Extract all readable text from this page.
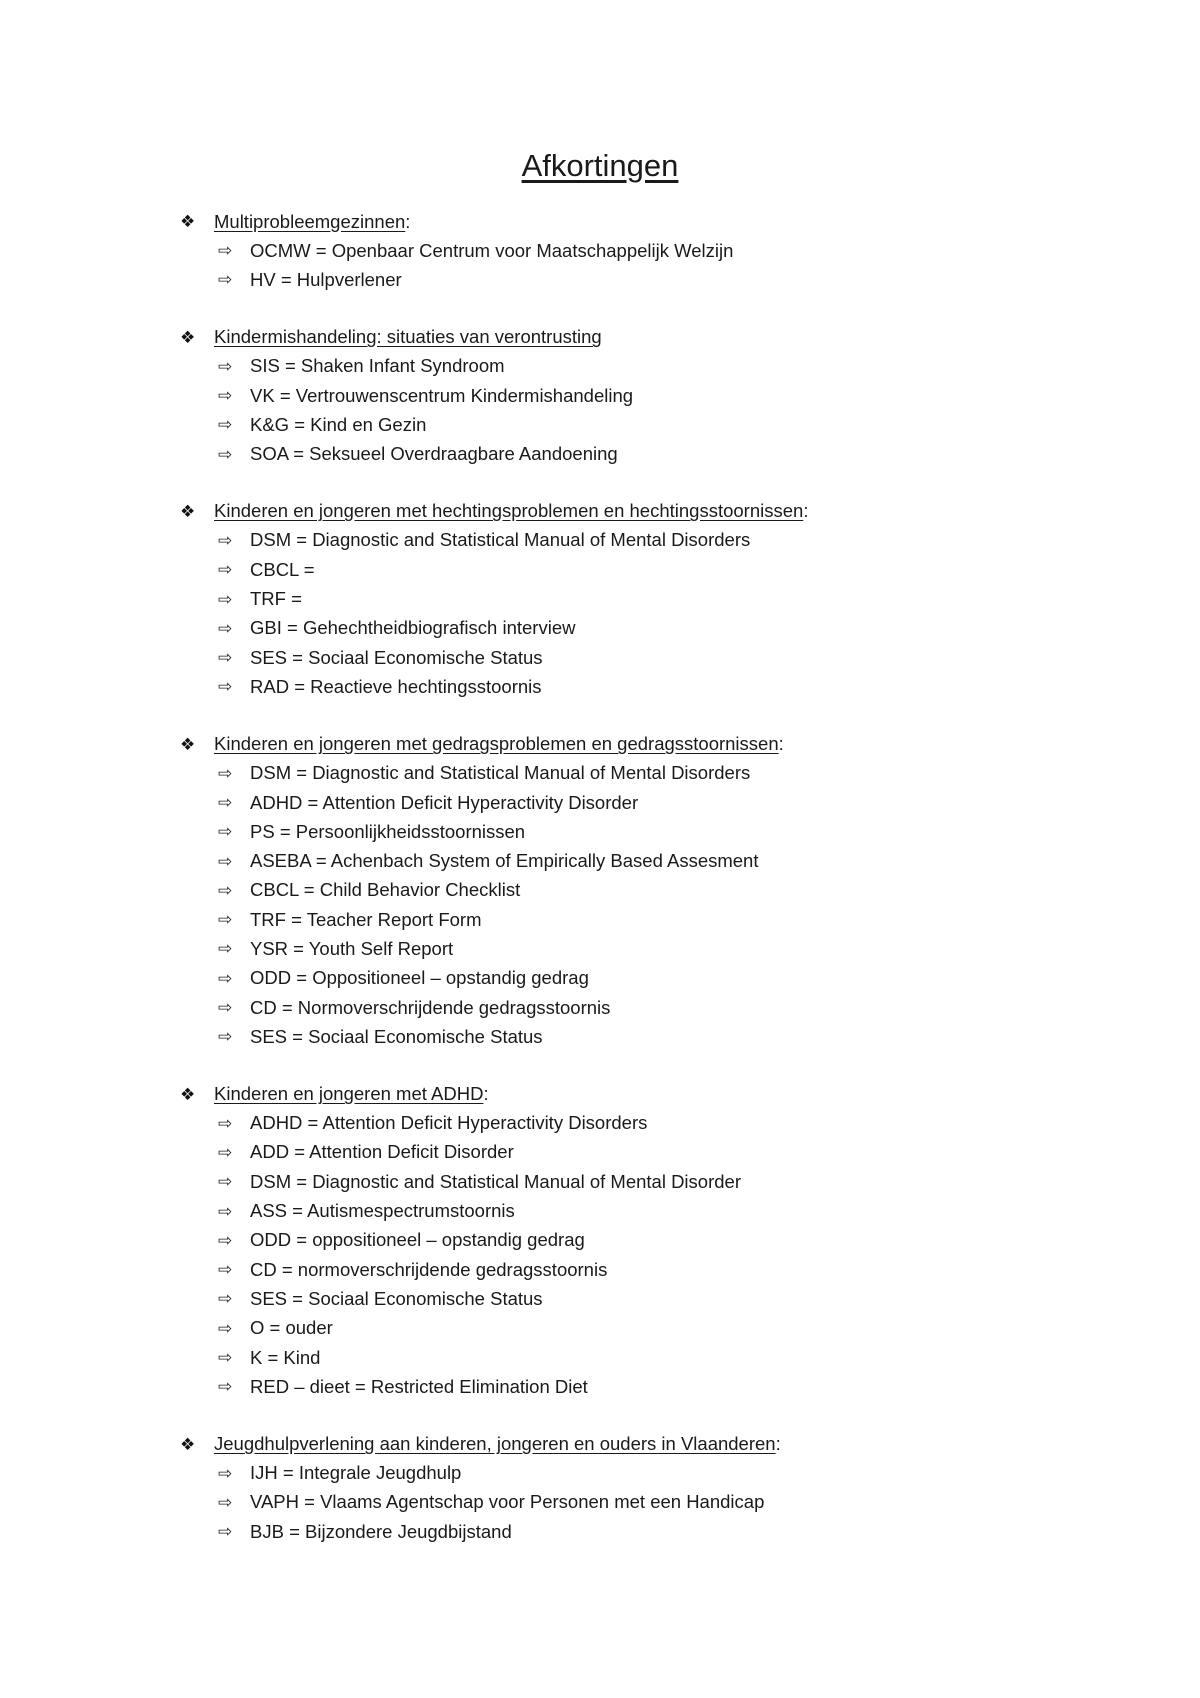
Afkortingen
❖	Multiprobleemgezinnen :
⇨ OCMW = Openbaar Centrum voor Maatschappelijk Welzijn
⇨ HV = Hulpverlener
❖	Kindermishandeling: situaties van verontrusting
⇨ SIS = Shaken Infant Syndroom
⇨ VK = Vertrouwenscentrum Kindermishandeling
⇨ K&G = Kind en Gezin
⇨ SOA = Seksueel Overdraagbare Aandoening
❖	Kinderen en jongeren met hechtingsproblemen en hechtingsstoornissen :
⇨ DSM = Diagnostic and Statistical Manual of Mental Disorders
⇨ CBCL =
⇨ TRF =
⇨ GBI = Gehechtheidbiografisch interview
⇨ SES = Sociaal Economische Status
⇨ RAD = Reactieve hechtingsstoornis
❖	Kinderen en jongeren met gedragsproblemen en gedragsstoornissen :
⇨ DSM = Diagnostic and Statistical Manual of Mental Disorders
⇨ ADHD = Attention Deficit Hyperactivity Disorder
⇨ PS = Persoonlijkheidsstoornissen
⇨ ASEBA = Achenbach System of Empirically Based Assesment
⇨ CBCL = Child Behavior Checklist
⇨ TRF = Teacher Report Form
⇨ YSR = Youth Self Report
⇨ ODD = Oppositioneel – opstandig gedrag
⇨ CD = Normoverschrijdende gedragsstoornis
⇨ SES = Sociaal Economische Status
❖	Kinderen en jongeren met ADHD :
⇨ ADHD = Attention Deficit Hyperactivity Disorders
⇨ ADD = Attention Deficit Disorder
⇨ DSM = Diagnostic and Statistical Manual of Mental Disorder
⇨ ASS = Autismespectrumstoornis
⇨ ODD = oppositioneel – opstandig gedrag
⇨ CD = normoverschrijdende gedragsstoornis
⇨ SES = Sociaal Economische Status
⇨ O = ouder
⇨ K = Kind
⇨ RED – dieet = Restricted Elimination Diet
❖	Jeugdhulpverlening aan kinderen, jongeren en ouders in Vlaanderen :
⇨ IJH = Integrale Jeugdhulp
⇨ VAPH = Vlaams Agentschap voor Personen met een Handicap
⇨ BJB = Bijzondere Jeugdbijstand
